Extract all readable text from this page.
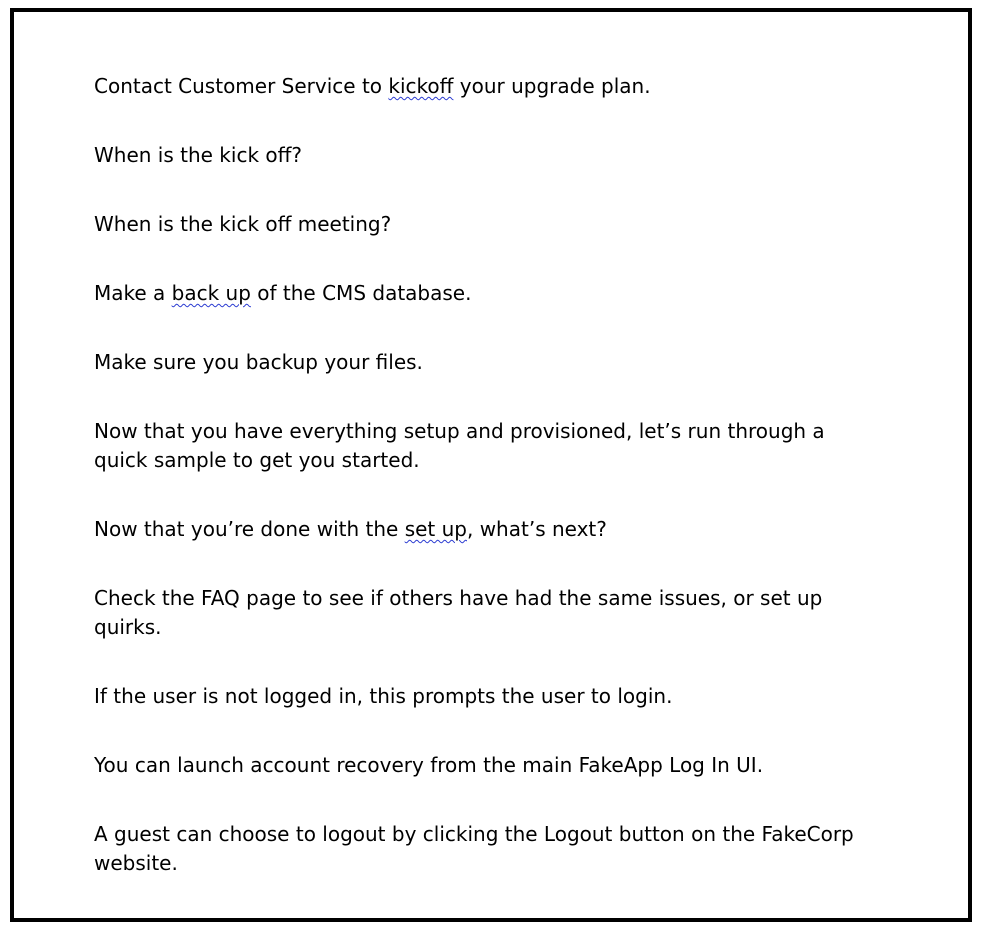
Contact Customer Service to kickoff your upgrade plan.

When is the kick off?

When is the kick off meeting?

Make a back up of the CMS database.

Make sure you backup your files.

Now that you have everything setup and provisioned, let’s run through a quick sample to get you started.

Now that you’re done with the set up, what’s next?

Check the FAQ page to see if others have had the same issues, or set up quirks.

If the user is not logged in, this prompts the user to login.

You can launch account recovery from the main FakeApp Log In UI.

A guest can choose to logout by clicking the Logout button on the FakeCorp website.
